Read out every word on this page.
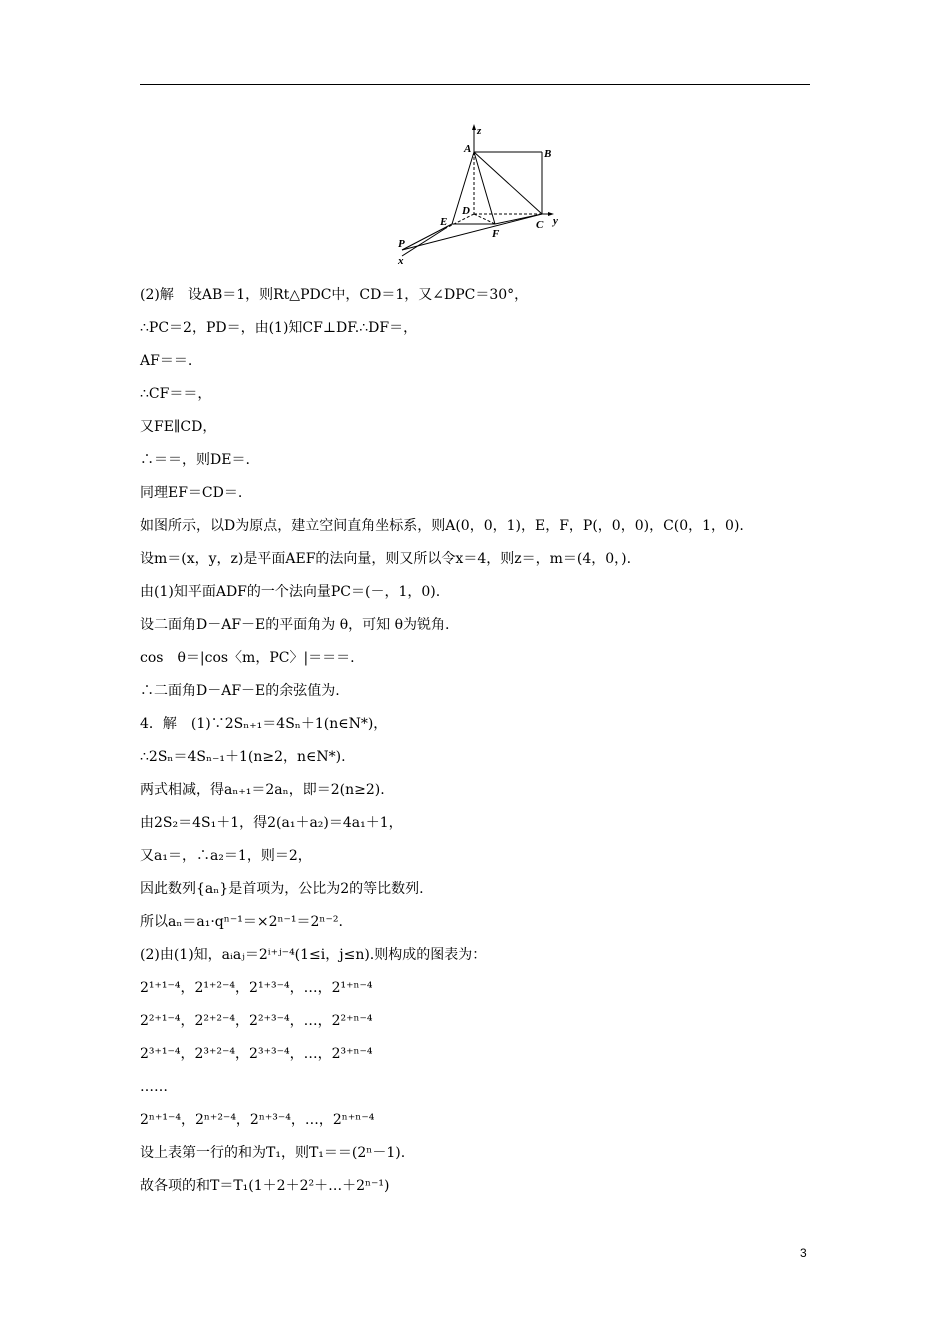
z
y
x
A	B
C
D
E
F
P
(2)解　设AB＝1，则Rt△PDC中，CD＝1，又∠DPC＝30°，
∴PC＝2，PD＝，由(1)知CF⊥DF.∴DF＝，
AF＝＝.
∴CF＝＝，
又FE∥CD，
∴＝＝，则DE＝.
同理EF＝CD＝.
如图所示，以D为原点，建立空间直角坐标系，则A(0，0，1)，E，F，P(，0，0)，C(0，1，0).
设m＝(x，y，z)是平面AEF的法向量，则又所以令x＝4，则z＝，m＝(4，0，).
由(1)知平面ADF的一个法向量PC＝(－，1，0).
设二面角D－AF－E的平面角为 θ，可知 θ为锐角.
cos　θ＝|cos〈m，PC〉|＝＝＝.
∴二面角D－AF－E的余弦值为.
4．解　(1)∵2Sₙ₊₁＝4Sₙ＋1(n∈N*)，
∴2Sₙ＝4Sₙ₋₁＋1(n≥2，n∈N*).
两式相减，得aₙ₊₁＝2aₙ，即＝2(n≥2).
由2S₂＝4S₁＋1，得2(a₁＋a₂)＝4a₁＋1，
又a₁＝，∴a₂＝1，则＝2，
因此数列{aₙ}是首项为，公比为2的等比数列.
所以aₙ＝a₁·qⁿ⁻¹＝×2ⁿ⁻¹＝2ⁿ⁻².
(2)由(1)知，aᵢaⱼ＝2ⁱ⁺ʲ⁻⁴(1≤i，j≤n).则构成的图表为：
2¹⁺¹⁻⁴，2¹⁺²⁻⁴，2¹⁺³⁻⁴，…，2¹⁺ⁿ⁻⁴
2²⁺¹⁻⁴，2²⁺²⁻⁴，2²⁺³⁻⁴，…，2²⁺ⁿ⁻⁴
2³⁺¹⁻⁴，2³⁺²⁻⁴，2³⁺³⁻⁴，…，2³⁺ⁿ⁻⁴
……
2ⁿ⁺¹⁻⁴，2ⁿ⁺²⁻⁴，2ⁿ⁺³⁻⁴，…，2ⁿ⁺ⁿ⁻⁴
设上表第一行的和为T₁，则T₁＝＝(2ⁿ－1).
故各项的和T＝T₁(1＋2＋2²＋…＋2ⁿ⁻¹)
3
